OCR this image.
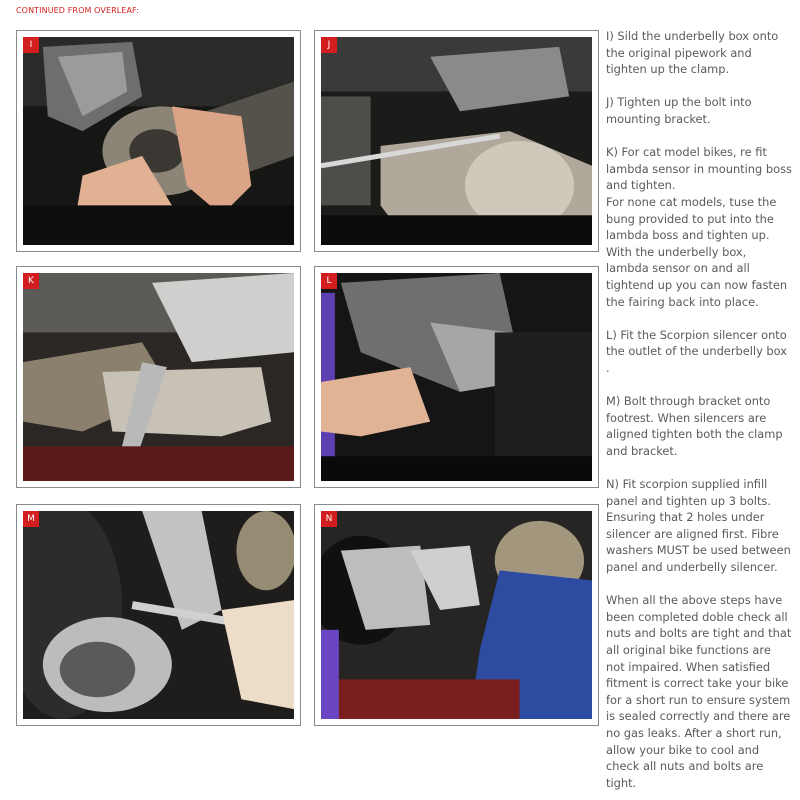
CONTINUED FROM OVERLEAF:
I	J
K	L
M	N

I) Sild the underbelly box onto the original pipework and tighten up the clamp.

J) Tighten up the bolt into mounting bracket.

K) For cat model bikes, re fit lambda sensor in mounting boss and tighten.
For none cat models, tuse the bung provided to put into the lambda boss and tighten up.
With the underbelly box, lambda sensor on and all tightend up you can now fasten the fairing back into place.

L) Fit the Scorpion silencer onto the outlet of the underbelly box .

M) Bolt through bracket onto footrest. When silencers are aligned tighten both the clamp and bracket.

N) Fit scorpion supplied infill panel and tighten up 3 bolts. Ensuring that 2 holes under silencer are aligned first. Fibre washers MUST be used between panel and underbelly silencer.

When all the above steps have been completed doble check all nuts and bolts are tight and that all original bike functions are not impaired. When satisfied fitment is correct take your bike for a short run to ensure system is sealed correctly and there are no gas leaks. After a short run, allow your bike to cool and check all nuts and bolts are tight.
